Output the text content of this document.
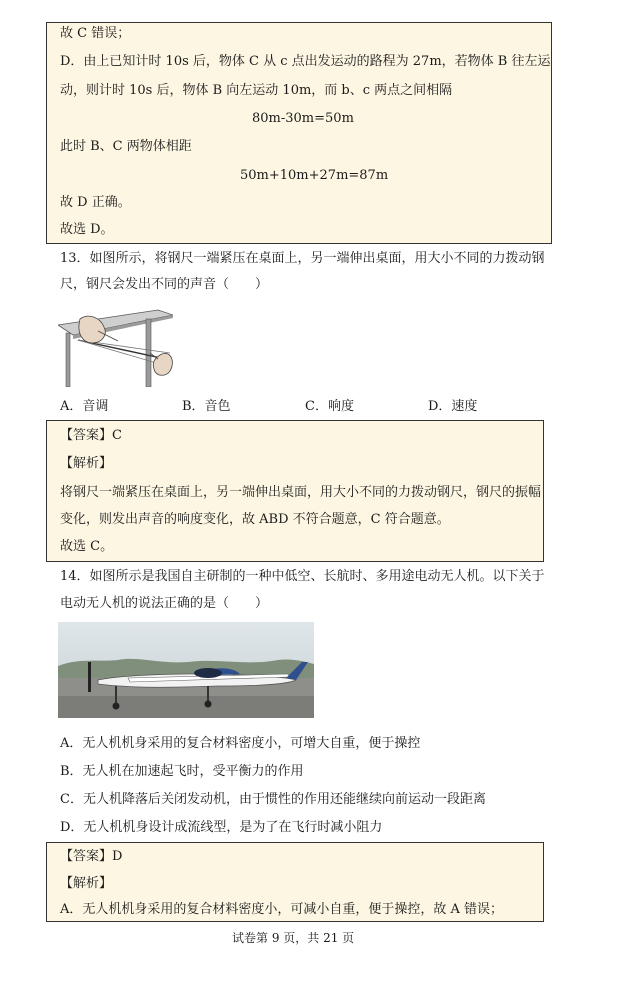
故 C 错误；
D．由上已知计时 10s 后，物体 C 从 c 点出发运动的路程为 27m，若物体 B 往左运
动，则计时 10s 后，物体 B 向左运动 10m，而 b、c 两点之间相隔
80m-30m=50m
此时 B、C 两物体相距
50m+10m+27m=87m
故 D 正确。
故选 D。
13．如图所示，将钢尺一端紧压在桌面上，另一端伸出桌面，用大小不同的力拨动钢
尺，钢尺会发出不同的声音（　　）
A．音调	B．音色	C．响度	D．速度
【答案】C
【解析】
将钢尺一端紧压在桌面上，另一端伸出桌面，用大小不同的力拨动钢尺，钢尺的振幅
变化，则发出声音的响度变化，故 ABD 不符合题意，C 符合题意。
故选 C。
14．如图所示是我国自主研制的一种中低空、长航时、多用途电动无人机。以下关于
电动无人机的说法正确的是（　　）
A．无人机机身采用的复合材料密度小，可增大自重，便于操控
B．无人机在加速起飞时，受平衡力的作用
C．无人机降落后关闭发动机，由于惯性的作用还能继续向前运动一段距离
D．无人机机身设计成流线型，是为了在飞行时减小阻力
【答案】D
【解析】
A．无人机机身采用的复合材料密度小，可减小自重，便于操控，故 A 错误；
试卷第 9 页，共 21 页
